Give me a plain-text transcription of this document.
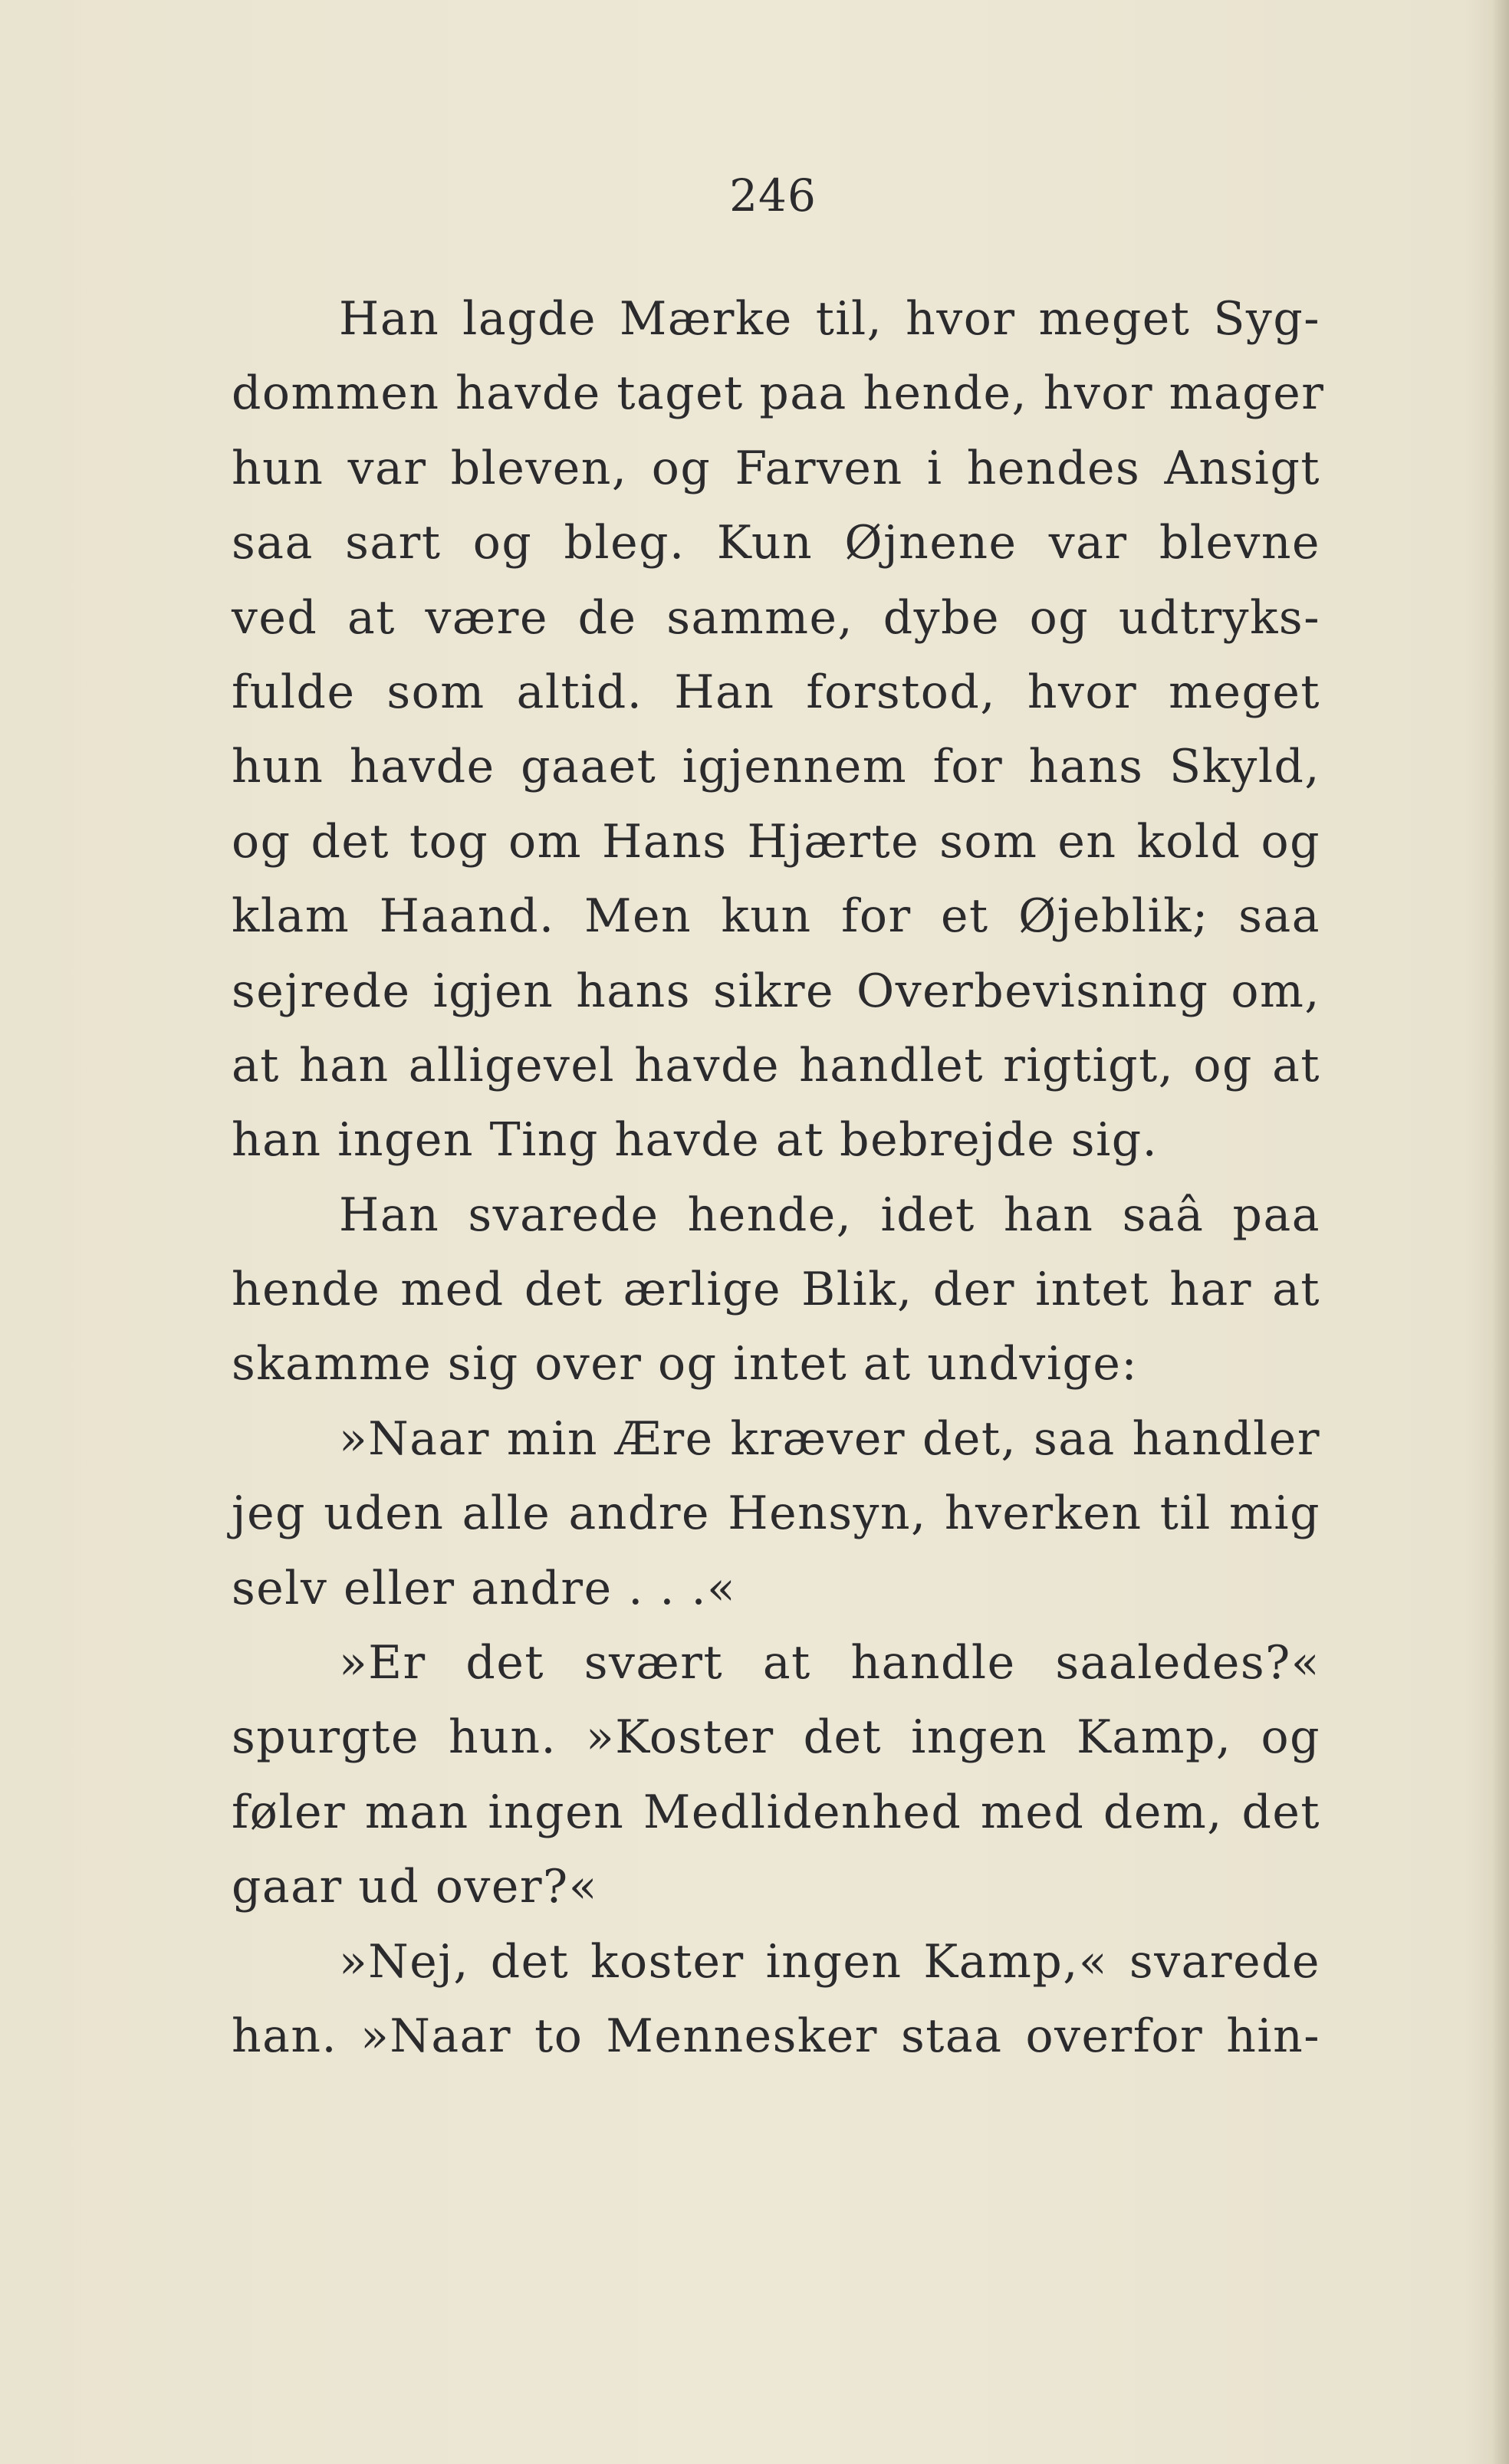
246
Han lagde Mærke til, hvor meget Syg-
dommen havde taget paa hende, hvor mager
hun var bleven, og Farven i hendes Ansigt
saa sart og bleg. Kun Øjnene var blevne
ved at være de samme, dybe og udtryks-
fulde som altid. Han forstod, hvor meget
hun havde gaaet igjennem for hans Skyld,
og det tog om Hans Hjærte som en kold og
klam Haand. Men kun for et Øjeblik; saa
sejrede igjen hans sikre Overbevisning om,
at han alligevel havde handlet rigtigt, og at
han ingen Ting havde at bebrejde sig.
Han svarede hende, idet han saâ paa
hende med det ærlige Blik, der intet har at
skamme sig over og intet at undvige:
»Naar min Ære kræver det, saa handler
jeg uden alle andre Hensyn, hverken til mig
selv eller andre . . .«
»Er det svært at handle saaledes?«
spurgte hun. »Koster det ingen Kamp, og
føler man ingen Medlidenhed med dem, det
gaar ud over?«
»Nej, det koster ingen Kamp,« svarede
han. »Naar to Mennesker staa overfor hin-
